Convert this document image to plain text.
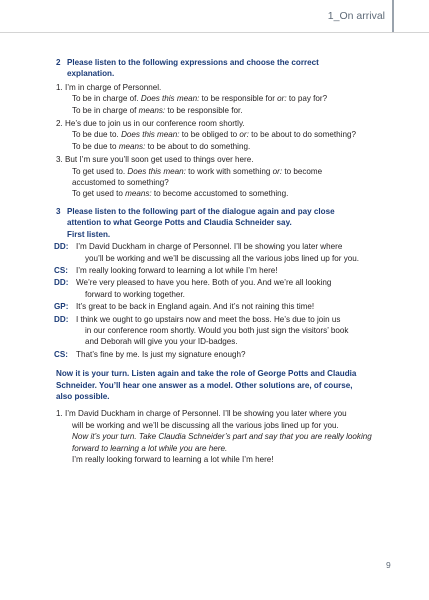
1_On arrival
2 Please listen to the following expressions and choose the correct
explanation.
1. I’m in charge of Personnel.
To be in charge of. Does this mean: to be responsible for or: to pay for?
To be in charge of means: to be responsible for.
2. He’s due to join us in our conference room shortly.
To be due to. Does this mean: to be obliged to or: to be about to do something?
To be due to means: to be about to do something.
3. But I’m sure you’ll soon get used to things over here.
To get used to. Does this mean: to work with something or: to become
accustomed to something?
To get used to means: to become accustomed to something.
3 Please listen to the following part of the dialogue again and pay close
attention to what George Potts and Claudia Schneider say.
First listen.
DD: I’m David Duckham in charge of Personnel. I’ll be showing you later where
you’ll be working and we’ll be discussing all the various jobs lined up for you.
CS: I’m really looking forward to learning a lot while I’m here!
DD: We’re very pleased to have you here. Both of you. And we’re all looking
forward to working together.
GP: It’s great to be back in England again. And it’s not raining this time!
DD: I think we ought to go upstairs now and meet the boss. He’s due to join us
in our conference room shortly. Would you both just sign the visitors’ book
and Deborah will give you your ID-badges.
CS: That’s fine by me. Is just my signature enough?
Now it is your turn. Listen again and take the role of George Potts and Claudia
Schneider. You’ll hear one answer as a model. Other solutions are, of course,
also possible.
1. I’m David Duckham in charge of Personnel. I’ll be showing you later where you
will be working and we’ll be discussing all the various jobs lined up for you.
Now it’s your turn. Take Claudia Schneider’s part and say that you are really looking
forward to learning a lot while you are here.
I’m really looking forward to learning a lot while I’m here!
9
